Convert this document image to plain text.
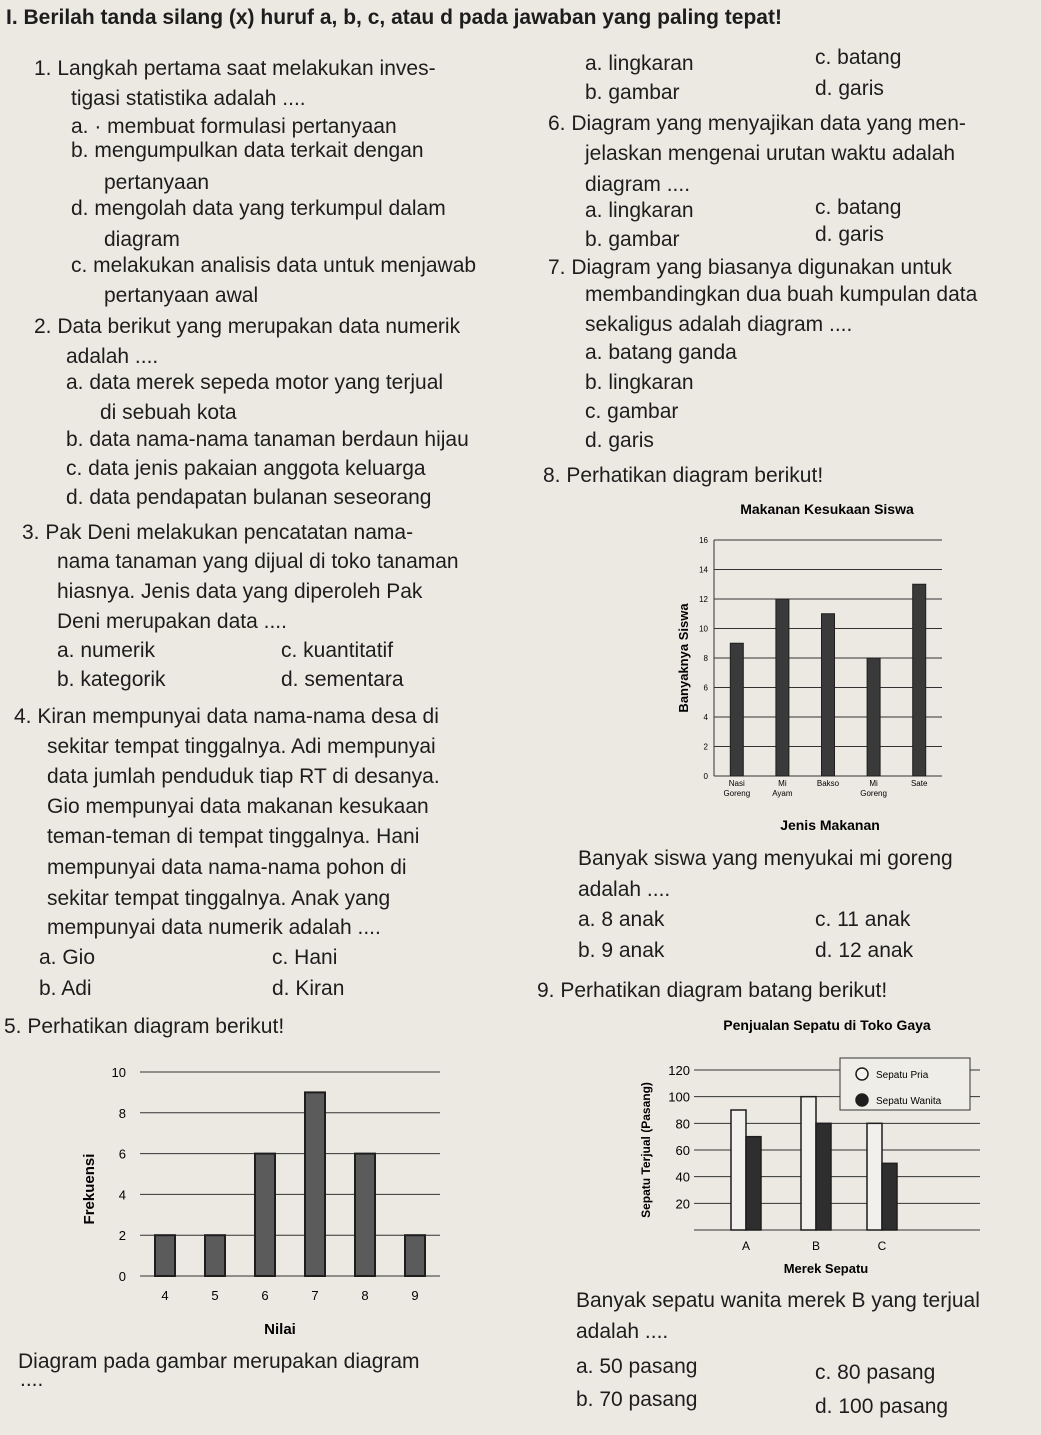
I. Berilah tanda silang (x) huruf a, b, c, atau d pada jawaban yang paling tepat!
1. Langkah pertama saat melakukan inves-
tigasi statistika adalah ....
a. · membuat formulasi pertanyaan
b. mengumpulkan data terkait dengan
pertanyaan
d. mengolah data yang terkumpul dalam
diagram
c. melakukan analisis data untuk menjawab
pertanyaan awal
2. Data berikut yang merupakan data numerik
adalah ....
a. data merek sepeda motor yang terjual
di sebuah kota
b. data nama-nama tanaman berdaun hijau
c. data jenis pakaian anggota keluarga
d. data pendapatan bulanan seseorang
3. Pak Deni melakukan pencatatan nama-
nama tanaman yang dijual di toko tanaman
hiasnya. Jenis data yang diperoleh Pak
Deni merupakan data ....
a. numerik	c. kuantitatif
b. kategorik	d. sementara
4. Kiran mempunyai data nama-nama desa di
sekitar tempat tinggalnya. Adi mempunyai
data jumlah penduduk tiap RT di desanya.
Gio mempunyai data makanan kesukaan
teman-teman di tempat tinggalnya. Hani
mempunyai data nama-nama pohon di
sekitar tempat tinggalnya. Anak yang
mempunyai data numerik adalah ....
a. Gio	c. Hani
b. Adi	d. Kiran
5. Perhatikan diagram berikut!
0
2
4
6
8
10
4	5	6	7	8	9
Nilai
Frekuensi
Diagram pada gambar merupakan diagram
....
a. lingkaran	c. batang
b. gambar	d. garis
6. Diagram yang menyajikan data yang men-
jelaskan mengenai urutan waktu adalah
diagram ....
a. lingkaran	c. batang
b. gambar	d. garis
7. Diagram yang biasanya digunakan untuk
membandingkan dua buah kumpulan data
sekaligus adalah diagram ....
a. batang ganda
b. lingkaran
c. gambar
d. garis
8. Perhatikan diagram berikut!
Makanan Kesukaan Siswa
0
2
4
6
8
10
12
14
16
Nasi
Goreng
Mi
Ayam
Bakso	Mi
Goreng
Sate
Jenis Makanan
Banyaknya Siswa
Banyak siswa yang menyukai mi goreng
adalah ....
a. 8 anak	c. 11 anak
b. 9 anak	d. 12 anak
9. Perhatikan diagram batang berikut!
Penjualan Sepatu di Toko Gaya
20
40
60
80
100
120
A	B	C
Sepatu Pria
Sepatu Wanita
Merek Sepatu
Sepatu Terjual (Pasang)
Banyak sepatu wanita merek B yang terjual
adalah ....
a. 50 pasang	c. 80 pasang
b. 70 pasang	d. 100 pasang
